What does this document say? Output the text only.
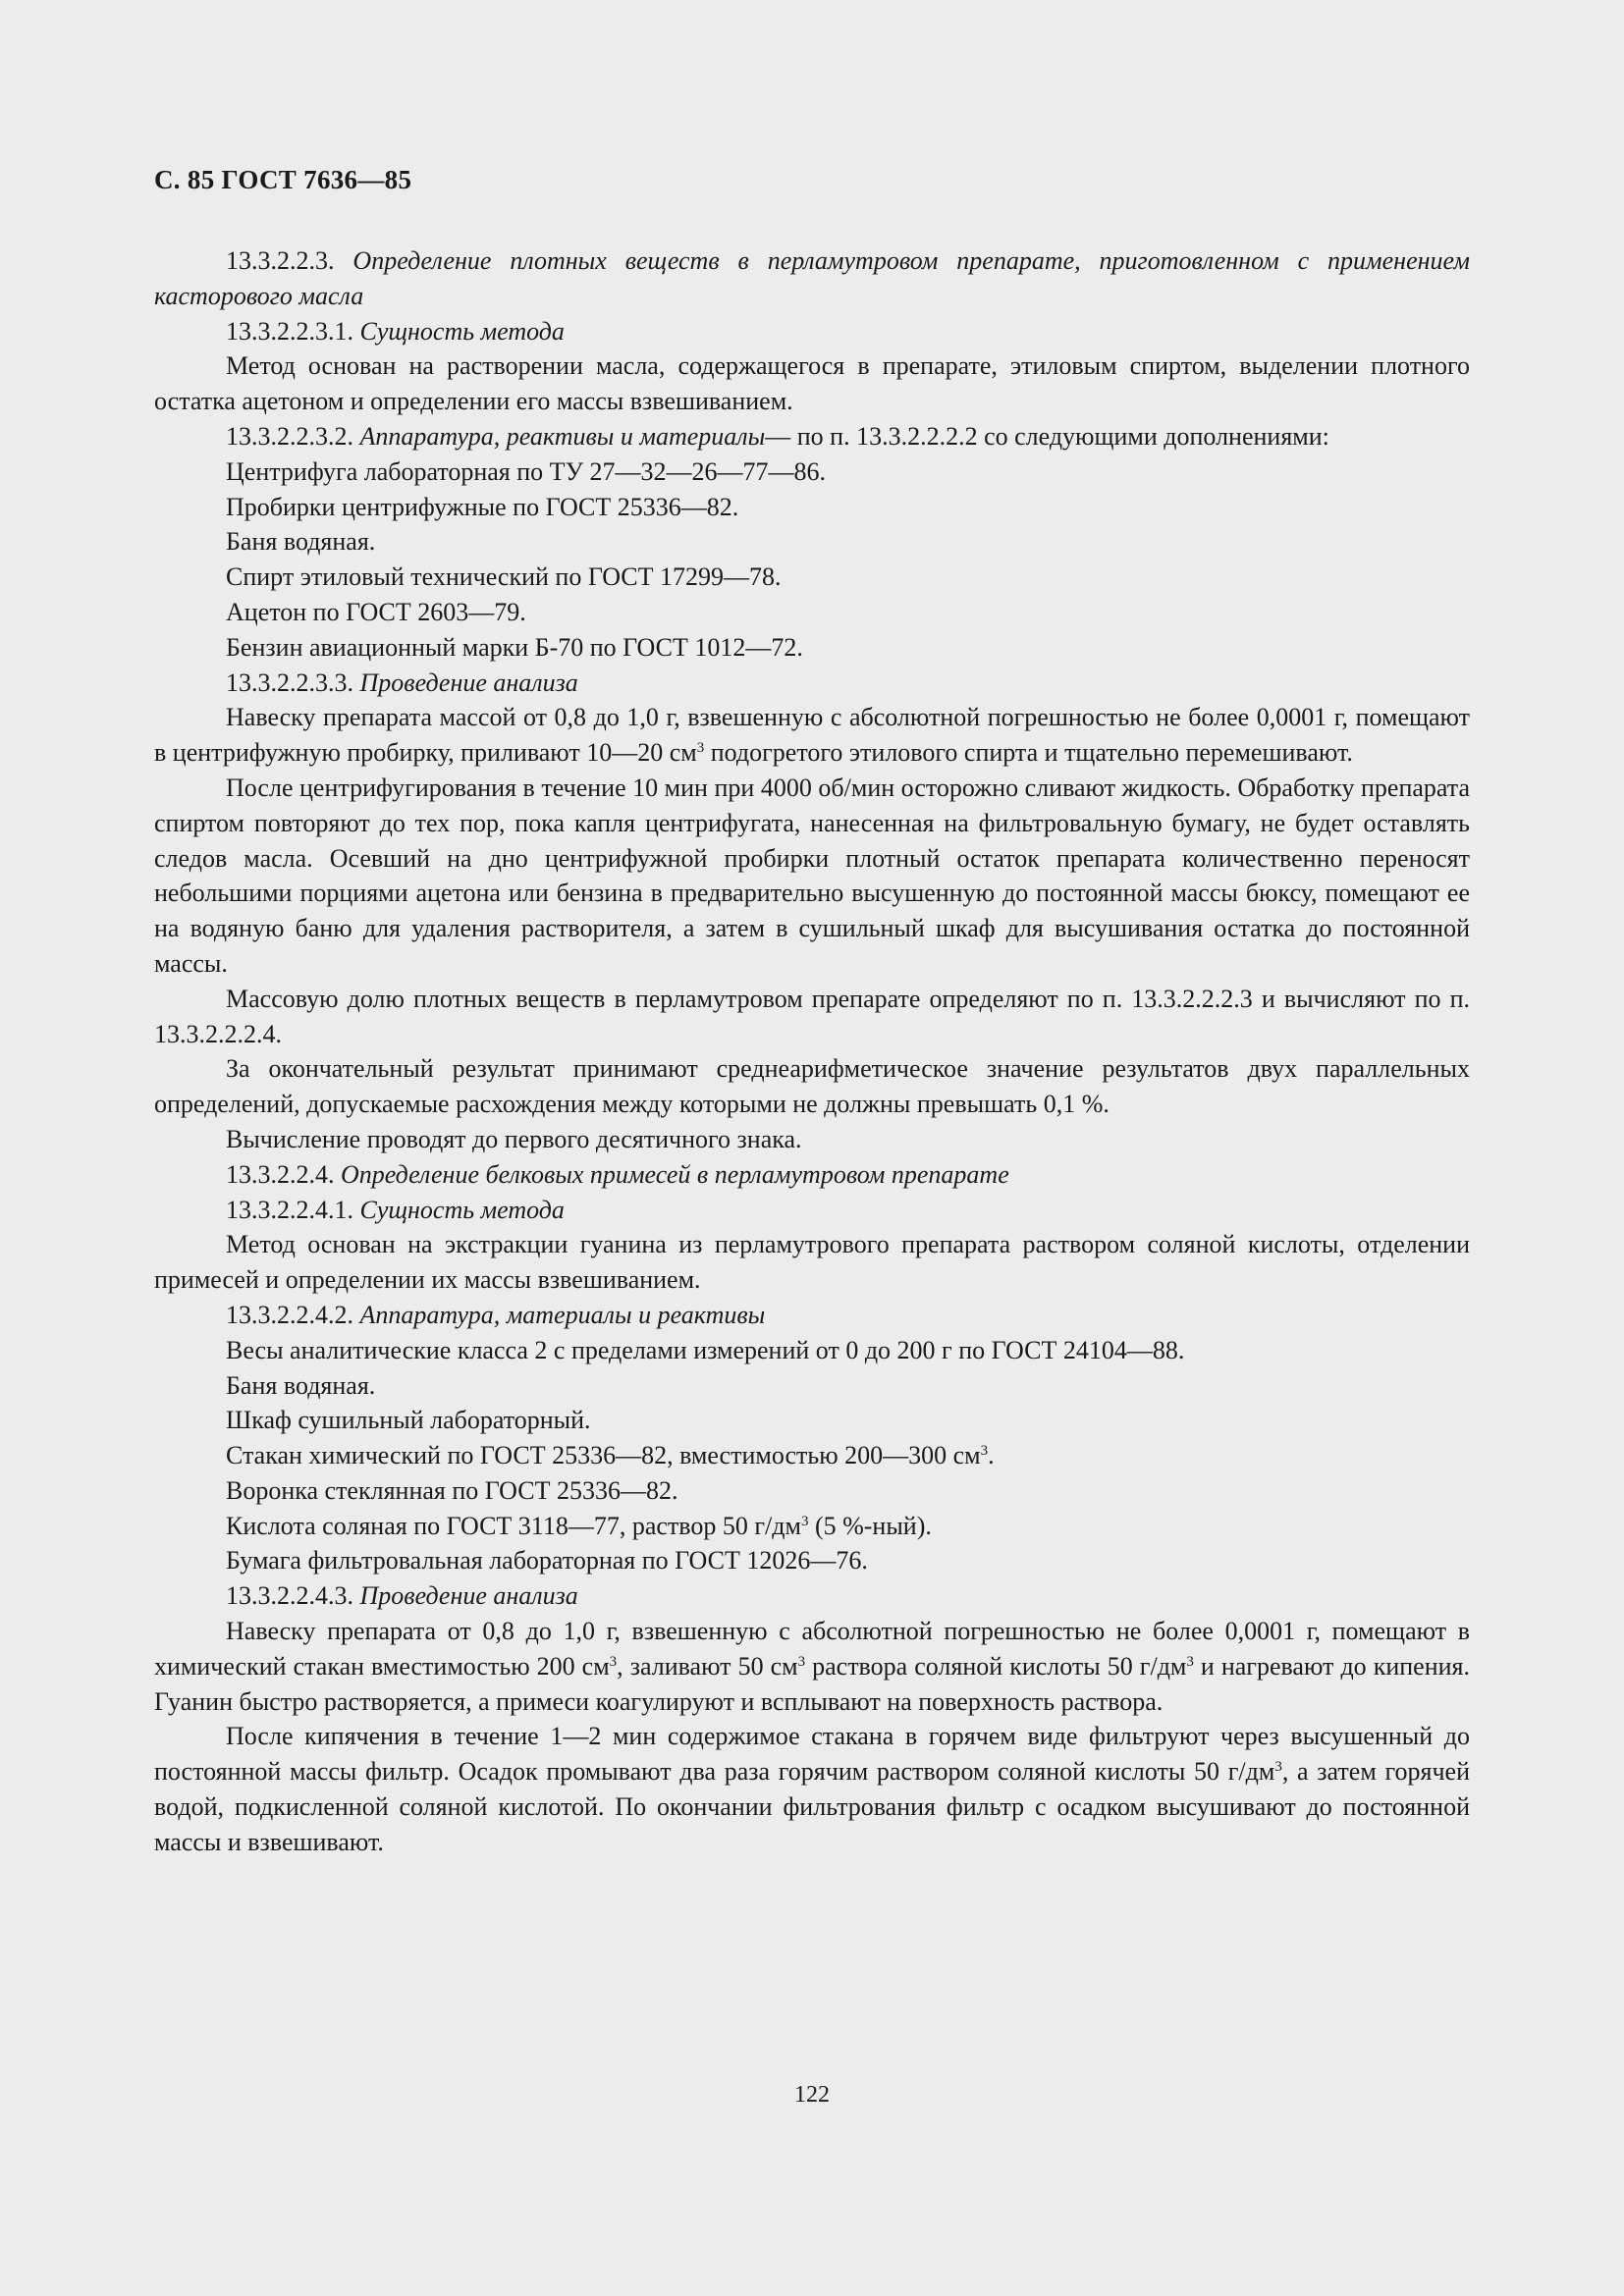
С. 85 ГОСТ 7636—85

13.3.2.2.3. Определение плотных веществ в перламутровом препарате, приготовленном с применением касторового масла

13.3.2.2.3.1. Сущность метода

Метод основан на растворении масла, содержащегося в препарате, этиловым спиртом, выделении плотного остатка ацетоном и определении его массы взвешиванием.

13.3.2.2.3.2. Аппаратура, реактивы и материалы— по п. 13.3.2.2.2.2 со следующими дополнениями:

Центрифуга лабораторная по ТУ 27—32—26—77—86.

Пробирки центрифужные по ГОСТ 25336—82.

Баня водяная.

Спирт этиловый технический по ГОСТ 17299—78.

Ацетон по ГОСТ 2603—79.

Бензин авиационный марки Б-70 по ГОСТ 1012—72.

13.3.2.2.3.3. Проведение анализа

Навеску препарата массой от 0,8 до 1,0 г, взвешенную с абсолютной погрешностью не более 0,0001 г, помещают в центрифужную пробирку, приливают 10—20 $см^3$ подогретого этилового спирта и тщательно перемешивают.

После центрифугирования в течение 10 мин при 4000 об/мин осторожно сливают жидкость. Обработку препарата спиртом повторяют до тех пор, пока капля центрифугата, нанесенная на фильтровальную бумагу, не будет оставлять следов масла. Осевший на дно центрифужной пробирки плотный остаток препарата количественно переносят небольшими порциями ацетона или бензина в предварительно высушенную до постоянной массы бюксу, помещают ее на водяную баню для удаления растворителя, а затем в сушильный шкаф для высушивания остатка до постоянной массы.

Массовую долю плотных веществ в перламутровом препарате определяют по п. 13.3.2.2.2.3 и вычисляют по п. 13.3.2.2.2.4.

За окончательный результат принимают среднеарифметическое значение результатов двух параллельных определений, допускаемые расхождения между которыми не должны превышать 0,1 %.

Вычисление проводят до первого десятичного знака.

13.3.2.2.4. Определение белковых примесей в перламутровом препарате

13.3.2.2.4.1. Сущность метода

Метод основан на экстракции гуанина из перламутрового препарата раствором соляной кислоты, отделении примесей и определении их массы взвешиванием.

13.3.2.2.4.2. Аппаратура, материалы и реактивы

Весы аналитические класса 2 с пределами измерений от 0 до 200 г по ГОСТ 24104—88.

Баня водяная.

Шкаф сушильный лабораторный.

Стакан химический по ГОСТ 25336—82, вместимостью 200—300 $см^3$.

Воронка стеклянная по ГОСТ 25336—82.

Кислота соляная по ГОСТ 3118—77, раствор 50 $г/дм^3$ (5 %-ный).

Бумага фильтровальная лабораторная по ГОСТ 12026—76.

13.3.2.2.4.3. Проведение анализа

Навеску препарата от 0,8 до 1,0 г, взвешенную с абсолютной погрешностью не более 0,0001 г, помещают в химический стакан вместимостью 200 $см^3$, заливают 50 $см^3$ раствора соляной кислоты 50 $г/дм^3$ и нагревают до кипения. Гуанин быстро растворяется, а примеси коагулируют и всплывают на поверхность раствора.

После кипячения в течение 1—2 мин содержимое стакана в горячем виде фильтруют через высушенный до постоянной массы фильтр. Осадок промывают два раза горячим раствором соляной кислоты 50 $г/дм^3$, а затем горячей водой, подкисленной соляной кислотой. По окончании фильтрования фильтр с осадком высушивают до постоянной массы и взвешивают.

122
